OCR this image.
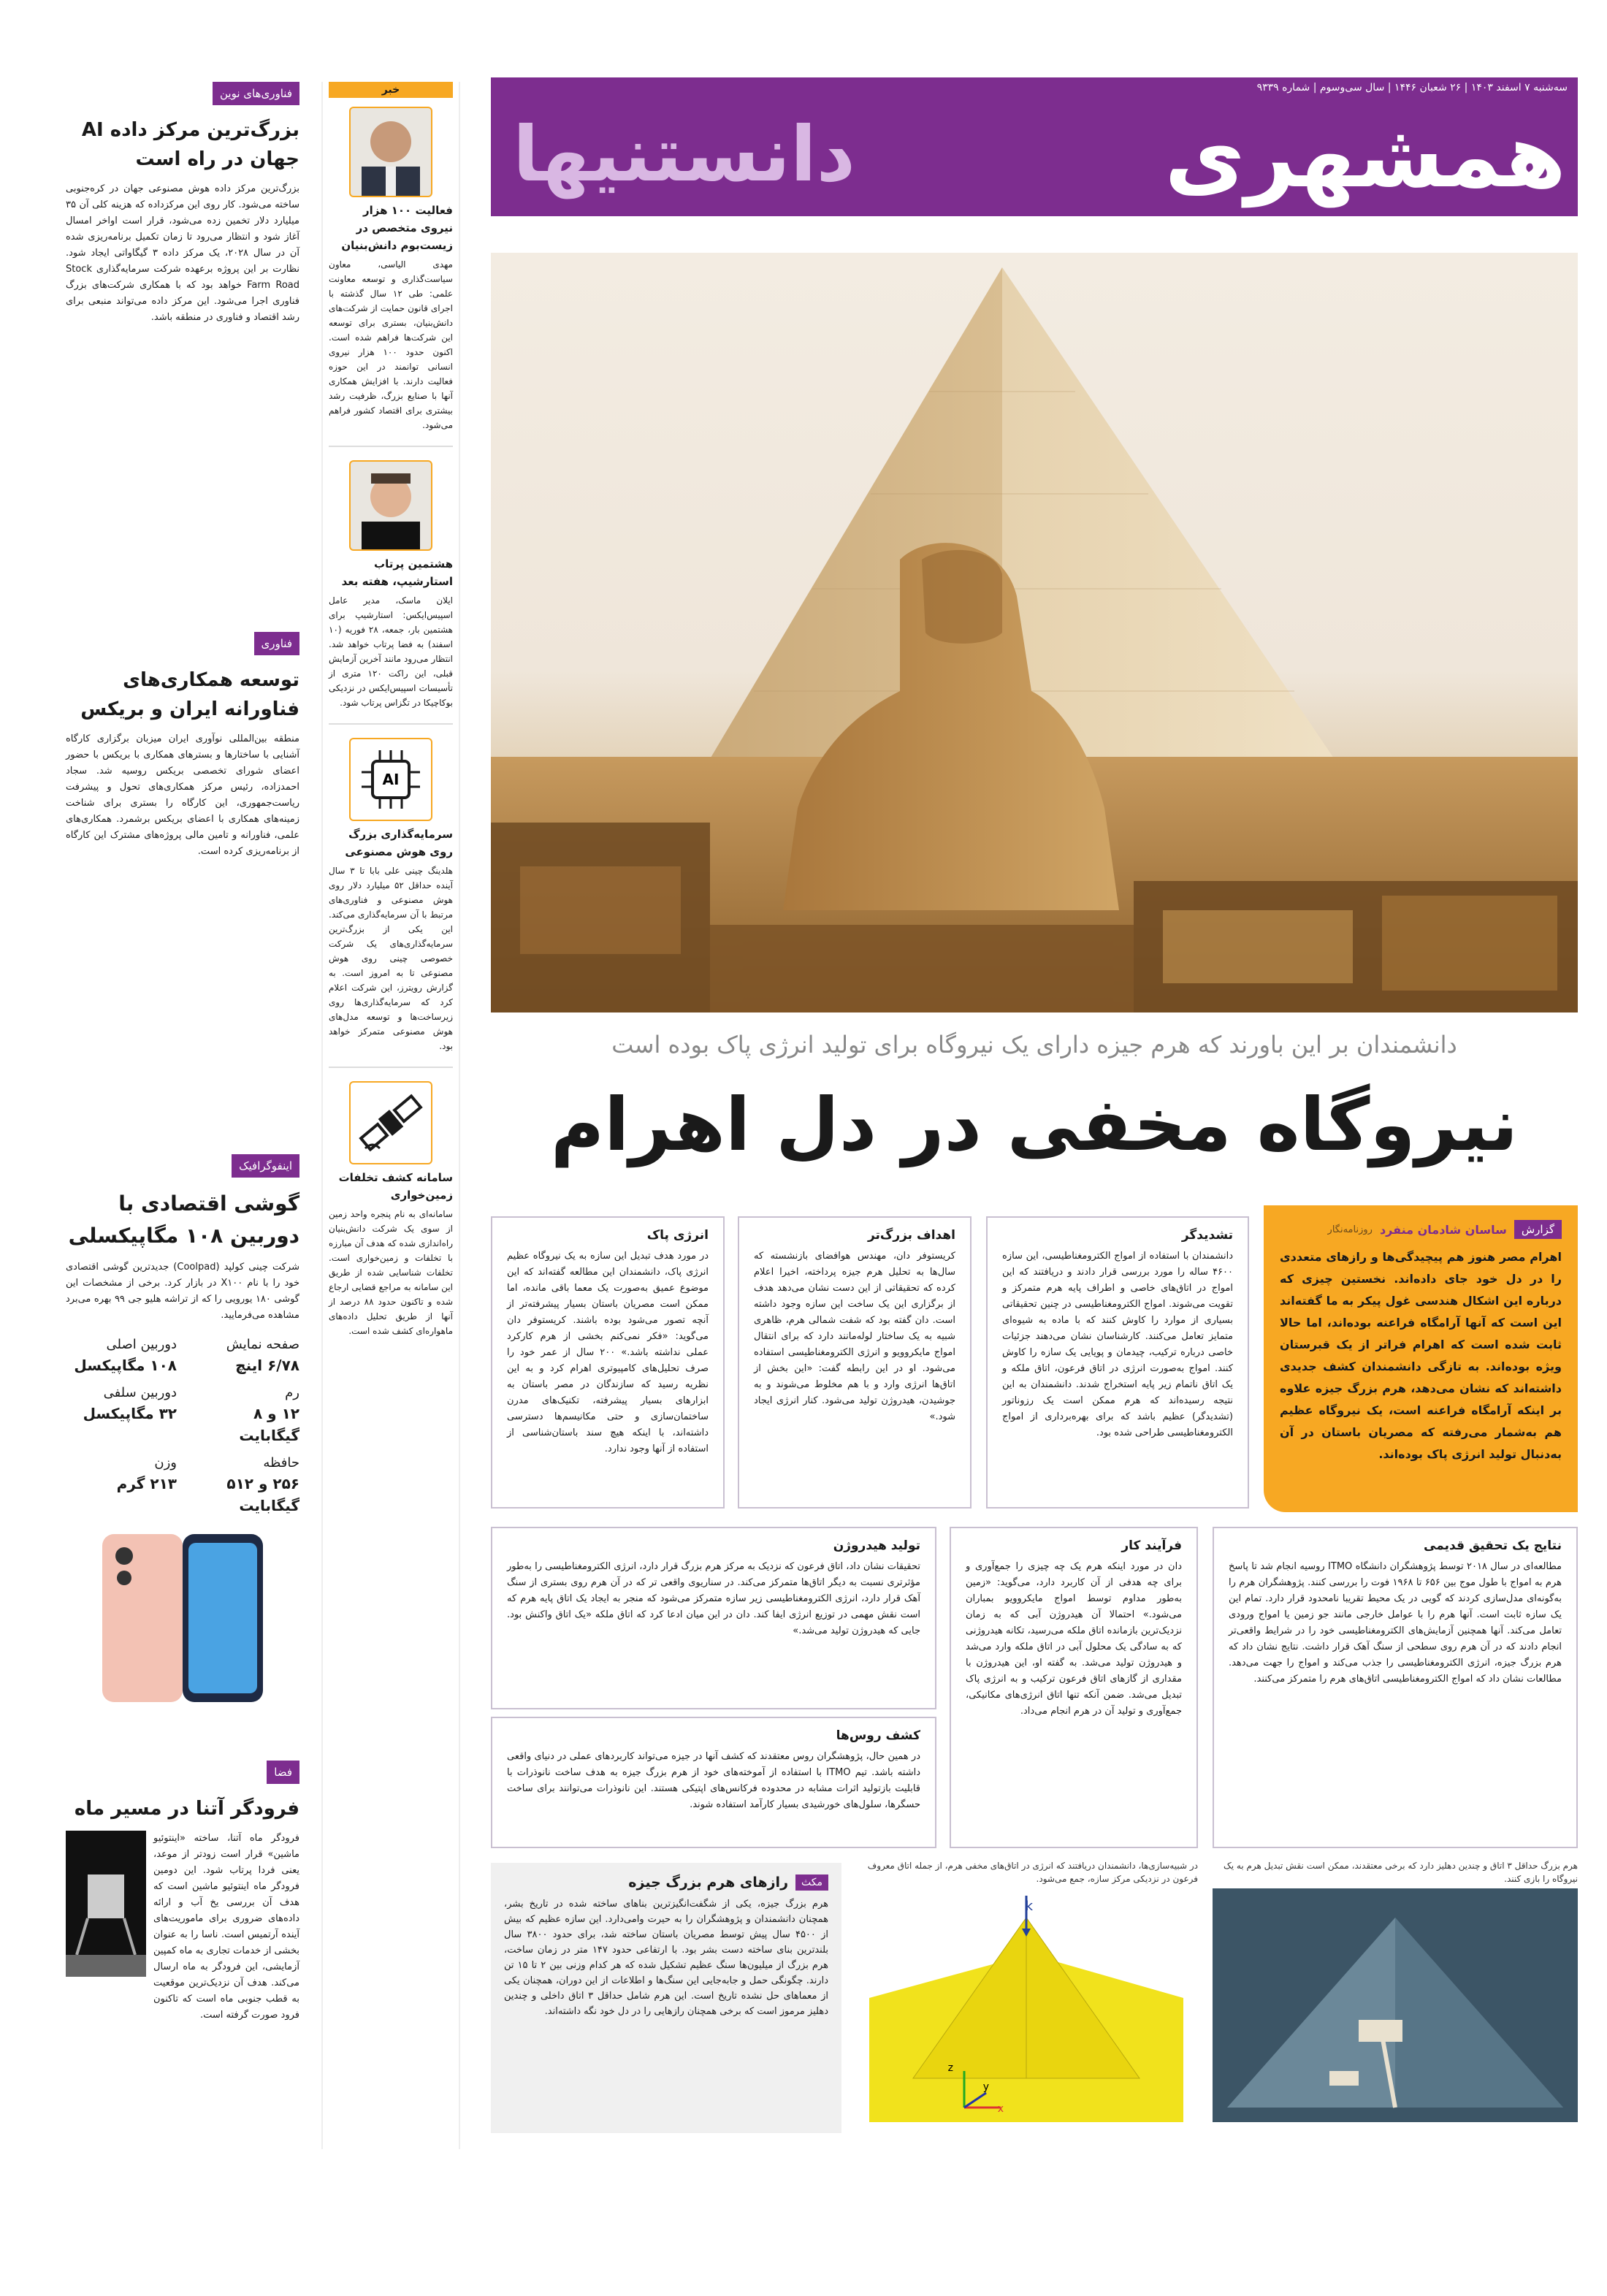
سه‌شنبه ۷ اسفند ۱۴۰۳ | ۲۶ شعبان ۱۴۴۶ | سال سی‌وسوم | شماره ۹۳۳۹
همشهری
دانستنیها
دانشمندان بر این باورند که هرم جیزه دارای یک نیروگاه برای تولید انرژی پاک بوده است
نیروگاه مخفی در دل اهرام
گزارش
ساسان شادمان منفرد
روزنامه‌نگار
اهرام مصر هنوز هم پیچیدگی‌ها و رازهای متعددی را در دل خود جای داده‌اند. نخستین چیزی که درباره این اشکال هندسی غول پیکر به ما گفته‌اند این است که آنها آرامگاه فراعنه بوده‌اند، اما حالا ثابت شده است که اهرام فراتر از یک قبرستان ویژه بوده‌اند. به تازگی دانشمندان کشف جدیدی داشته‌اند که نشان می‌دهد، هرم بزرگ جیزه علاوه بر اینکه آرامگاه فراعنه است، یک نیروگاه عظیم هم به‌شمار می‌رفته که مصریان باستان در آن به‌دنبال تولید انرژی پاک بوده‌اند.
تشدیدگر
دانشمندان با استفاده از امواج الکترومغناطیسی، این سازه ۴۶۰۰ ساله را مورد بررسی قرار دادند و دریافتند که این امواج در اتاق‌های خاصی و اطراف پایه هرم متمرکز و تقویت می‌شوند. امواج الکترومغناطیسی در چنین تحقیقاتی بسیاری از موارد را کاوش کنند که با ماده به شیوه‌ای متمایز تعامل می‌کنند. کارشناسان نشان می‌دهند جزئیات خاصی درباره ترکیب، چیدمان و پویایی یک سازه را کاوش کنند. امواج به‌صورت انرژی در اتاق فرعون، اتاق ملکه و یک اتاق ناتمام زیر پایه استخراج شدند. دانشمندان به این نتیجه رسیده‌اند که هرم ممکن است یک رزوناتور (تشدیدگر) عظیم باشد که برای بهره‌برداری از امواج الکترومغناطیسی طراحی شده بود.
اهداف بزرگ‌تر
کریستوفر دان، مهندس هوافضای بازنشسته که سال‌ها به تحلیل هرم جیزه پرداخته، اخیرا اعلام کرده که تحقیقاتی از این دست نشان می‌دهد هدف از برگزاری این یک ساخت این سازه وجود داشته است. دان گفته بود که شفت شمالی هرم، ظاهری شبیه به یک ساختار لوله‌مانند دارد که برای انتقال امواج مایکروویو و انرژی الکترومغناطیسی استفاده می‌شود. او در این رابطه گفت: «این بخش از اتاق‌ها انرژی وارد و با هم مخلوط می‌شوند و به جوشیدن، هیدروژن تولید می‌شود. کنار انرژی ایجاد شود.»
انرژی پاک
در مورد هدف تبدیل این سازه به یک نیروگاه عظیم انرژی پاک، دانشمندان این مطالعه گفته‌اند که این موضوع عمیق به‌صورت یک معما باقی مانده، اما ممکن است مصریان باستان بسیار پیشرفته‌تر از آنچه تصور می‌شود بوده باشند. کریستوفر دان می‌گوید: «فکر نمی‌کنم بخشی از هرم کارکرد عملی نداشته باشد.» ۲۰۰ سال از عمر خود را صرف تحلیل‌های کامپیوتری اهرام کرد و به این نظریه رسید که سازندگان در مصر باستان به ابزارهای بسیار پیشرفته، تکنیک‌های مدرن ساختمان‌سازی و حتی مکانیسم‌ها دسترسی داشته‌اند، با اینکه هیچ سند باستان‌شناسی از استفاده از آنها وجود ندارد.
نتایج یک تحقیق قدیمی
مطالعه‌ای در سال ۲۰۱۸ توسط پژوهشگران دانشگاه ITMO روسیه انجام شد تا پاسخ هرم به امواج با طول موج بین ۶۵۶ تا ۱۹۶۸ فوت را بررسی کنند. پژوهشگران هرم را به‌گونه‌ای مدل‌سازی کردند که گویی در یک محیط تقریبا نامحدود قرار دارد. تمام این یک سازه ثابت است. آنها هرم را با عوامل خارجی مانند جو زمین یا امواج ورودی تعامل می‌کند. آنها همچنین آزمایش‌های الکترومغناطیسی خود را در شرایط واقعی‌تر انجام دادند که در آن هرم روی سطحی از سنگ آهک قرار داشت. نتایج نشان داد که هرم بزرگ جیزه، انرژی الکترومغناطیسی را جذب می‌کند و امواج را جهت می‌دهد. مطالعات نشان داد که امواج الکترومغناطیسی اتاق‌های هرم را متمرکز می‌کنند.
فرآیند کار
دان در مورد اینکه هرم یک چه چیزی را جمع‌آوری و برای چه هدفی از آن کاربرد دارد، می‌گوید: «زمین به‌طور مداوم توسط امواج مایکروویو بمباران می‌شود.» احتمالا آن هیدروژن آبی که به زمان نزدیک‌ترین بازمانده اتاق ملکه می‌رسید، تکانه هیدروژنی که به سادگی یک محلول آبی در اتاق ملکه وارد می‌شد و هیدروژن تولید می‌شد. به گفته او، این هیدروژن با مقداری از گازهای اتاق فرعون ترکیب و به انرژی پاک تبدیل می‌شد. ضمن آنکه تنها اتاق انرژی‌های مکانیکی، جمع‌آوری و تولید آن در هرم انجام می‌داد.
تولید هیدروژن
تحقیقات نشان داد، اتاق فرعون که نزدیک به مرکز هرم بزرگ قرار دارد، انرژی الکترومغناطیسی را به‌طور مؤثرتری نسبت به دیگر اتاق‌ها متمرکز می‌کند. در سناریوی واقعی تر که در آن هرم روی بستری از سنگ آهک قرار دارد، انرژی الکترومغناطیسی زیر سازه متمرکز می‌شود که منجر به ایجاد یک اتاق پایه هرم که است نقش مهمی در توزیع انرژی ایفا کند. دان در این میان ادعا کرد که اتاق ملکه «یک اتاق واکنش بود. جایی که هیدروژن تولید می‌شد.»
کشف روس‌ها
در همین حال، پژوهشگران روس معتقدند که کشف آنها در جیزه می‌تواند کاربردهای عملی در دنیای واقعی داشته باشد. تیم ITMO با استفاده از آموخته‌های خود از هرم بزرگ جیزه به هدف ساخت نانوذرات با قابلیت بازتولید اثرات مشابه در محدوده فرکانس‌های اپتیکی هستند. این نانوذرات می‌توانند برای ساخت حسگرها، سلول‌های خورشیدی بسیار کارآمد استفاده شوند.
مکث
رازهای هرم بزرگ جیزه
هرم بزرگ جیزه، یکی از شگفت‌انگیزترین بناهای ساخته شده در تاریخ بشر، همچنان دانشمندان و پژوهشگران را به حیرت وامی‌دارد. این سازه عظیم که بیش از ۴۵۰۰ سال پیش توسط مصریان باستان ساخته شد، برای حدود ۳۸۰۰ سال بلندترین بنای ساخته دست بشر بود. با ارتفاعی حدود ۱۴۷ متر در زمان ساخت، هرم بزرگ از میلیون‌ها سنگ عظیم تشکیل شده که هر کدام وزنی بین ۲ تا ۱۵ تن دارند. چگونگی حمل و جابه‌جایی این سنگ‌ها و اطلاعات از این دوران، همچنان یکی از معماهای حل نشده تاریخ است. این هرم شامل حداقل ۳ اتاق داخلی و چندین دهلیز مرموز است که برخی همچنان رازهایی را در دل خود نگه داشته‌اند.
در شبیه‌سازی‌ها، دانشمندان دریافتند که انرژی در اتاق‌های مخفی هرم، از جمله اتاق معروف فرعون در نزدیکی مرکز سازه، جمع می‌شود.
k
z
y
x
هرم بزرگ حداقل ۳ اتاق و چندین دهلیز دارد که برخی معتقدند، ممکن است نقش تبدیل هرم به یک نیروگاه را بازی کنند.
خبر
فعالیت ۱۰۰ هزار نیروی متخصص در زیست‌بوم دانش‌بنیان
مهدی الیاسی، معاون سیاست‌گذاری و توسعه معاونت علمی: طی ۱۲ سال گذشته با اجرای قانون حمایت از شرکت‌های دانش‌بنیان، بستری برای توسعه این شرکت‌ها فراهم شده است. اکنون حدود ۱۰۰ هزار نیروی انسانی توانمند در این حوزه فعالیت دارند. با افزایش همکاری آنها با صنایع بزرگ، ظرفیت رشد بیشتری برای اقتصاد کشور فراهم می‌شود.
هشتمین پرتاب استارشیپ، هفته بعد
ایلان ماسک، مدیر عامل اسپیس‌ایکس: استارشیپ برای هشتمین بار، جمعه، ۲۸ فوریه (۱۰ اسفند) به فضا پرتاب خواهد شد. انتظار می‌رود مانند آخرین آزمایش قبلی، این راکت ۱۲۰ متری از تأسیسات اسپیس‌ایکس در نزدیکی بوکاچیکا در تگزاس پرتاب شود.
AI
سرمایه‌گذاری بزرگ روی هوش مصنوعی
هلدینگ چینی علی بابا تا ۳ سال آینده حداقل ۵۲ میلیارد دلار روی هوش مصنوعی و فناوری‌های مرتبط با آن سرمایه‌گذاری می‌کند. این یکی از بزرگ‌ترین سرمایه‌گذاری‌های یک شرکت خصوصی چینی روی هوش مصنوعی تا به امروز است. به گزارش رویترز، این شرکت اعلام کرد که سرمایه‌گذاری‌ها روی زیرساخت‌ها و توسعه مدل‌های هوش مصنوعی متمرکز خواهد بود.
سامانه کشف تخلفات زمین‌خواری
سامانه‌ای به نام پنجره واحد زمین از سوی یک شرکت دانش‌بنیان راه‌اندازی شده که هدف آن مبارزه با تخلفات و زمین‌خواری است. تخلفات شناسایی شده از طریق این سامانه به مراجع قضایی ارجاع شده و تاکنون حدود ۸۸ درصد از آنها از طریق تحلیل داده‌های ماهواره‌ای کشف شده است.
فناوری‌های نوین
بزرگ‌ترین مرکز داده AI جهان در راه است
بزرگ‌ترین مرکز داده هوش مصنوعی جهان در کره‌جنوبی ساخته می‌شود. کار روی این مرکزداده که هزینه کلی آن ۳۵ میلیارد دلار تخمین زده می‌شود، قرار است اواخر امسال آغاز شود و انتظار می‌رود تا زمان تکمیل برنامه‌ریزی شده آن در سال ۲۰۲۸، یک مرکز داده ۳ گیگاواتی ایجاد شود. نظارت بر این پروژه برعهده شرکت سرمایه‌گذاری Stock Farm Road خواهد بود که با همکاری شرکت‌های بزرگ فناوری اجرا می‌شود. این مرکز داده می‌تواند منبعی برای رشد اقتصاد و فناوری در منطقه باشد.
فناوری
توسعه همکاری‌های فناورانه ایران و بریکس
منطقه بین‌المللی نوآوری ایران میزبان برگزاری کارگاه آشنایی با ساختارها و بسترهای همکاری با بریکس با حضور اعضای شورای تخصصی بریکس روسیه شد. سجاد احمدزاده، رئیس مرکز همکاری‌های تحول و پیشرفت ریاست‌جمهوری، این کارگاه را بستری برای شناخت زمینه‌های همکاری با اعضای بریکس برشمرد. همکاری‌های علمی، فناورانه و تامین مالی پروژه‌های مشترک این کارگاه از برنامه‌ریزی کرده است.
اینفوگرافیک
گوشی اقتصادی با دوربین ۱۰۸ مگاپیکسلی
شرکت چینی کولپد (Coolpad) جدیدترین گوشی اقتصادی خود را با نام X۱۰۰ در بازار کرد. برخی از مشخصات این گوشی ۱۸۰ یورویی را که از تراشه هلیو جی ۹۹ بهره می‌برد مشاهده می‌فرمایید.
صفحه نمایش
۶/۷۸ اینچ
دوربین اصلی
۱۰۸ مگاپیکسل
رم
۱۲ و ۸ گیگابایت
دوربین سلفی
۳۲ مگاپیکسل
حافظه
۲۵۶ و ۵۱۲ گیگابایت
وزن
۲۱۳ گرم
فضا
فرودگر آتنا در مسیر ماه
فرودگر ماه آتنا، ساخته «اینتوئیو ماشین» قرار است زودتر از موعد، یعنی فردا پرتاب شود. این دومین فرودگر ماه اینتوئیو ماشین است که هدف آن بررسی یخ آب و ارائه داده‌های ضروری برای ماموریت‌های آینده آرتمیس است. ناسا را به عنوان بخشی از خدمات تجاری به ماه کمپین آزمایشی، این فرودگر به ماه ارسال می‌کند. هدف آن نزدیک‌ترین موقعیت به قطب جنوبی ماه است که تاکنون فرود صورت گرفته است.
